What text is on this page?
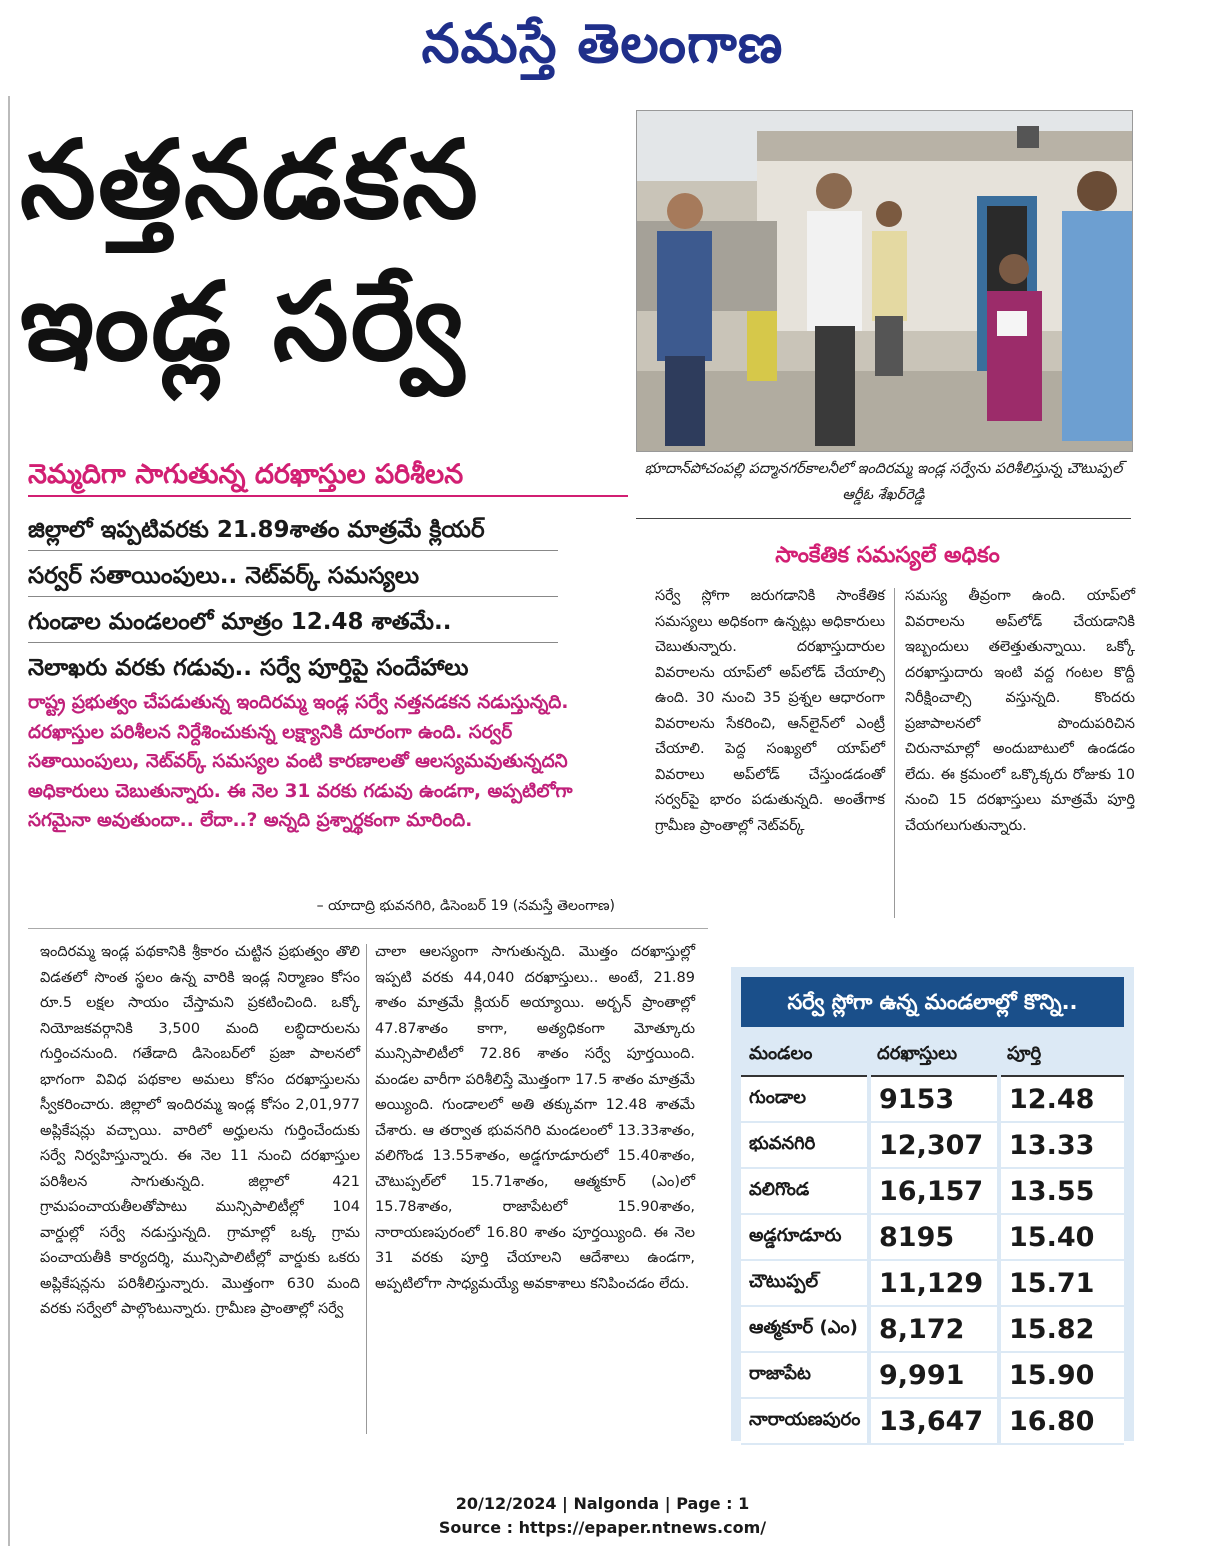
నమస్తే తెలంగాణ
నత్తనడకన
ఇండ్ల సర్వే
భూదాన్‌పోచంపల్లి పద్మానగర్‌కాలనీలో ఇందిరమ్మ ఇండ్ల సర్వేను పరిశీలిస్తున్న చౌటుప్పల్ ఆర్డీఓ శేఖర్‌రెడ్డి
నెమ్మదిగా సాగుతున్న దరఖాస్తుల పరిశీలన
జిల్లాలో ఇప్పటివరకు 21.89శాతం మాత్రమే క్లియర్
సర్వర్ సతాయింపులు.. నెట్‌వర్క్ సమస్యలు
గుండాల మండలంలో మాత్రం 12.48 శాతమే..
నెలాఖరు వరకు గడువు.. సర్వే పూర్తిపై సందేహాలు
రాష్ట్ర ప్రభుత్వం చేపడుతున్న ఇందిరమ్మ ఇండ్ల సర్వే నత్తనడకన నడుస్తున్నది. దరఖాస్తుల పరిశీలన నిర్దేశించుకున్న లక్ష్యానికి దూరంగా ఉంది. సర్వర్ సతాయింపులు, నెట్‌వర్క్ సమస్యల వంటి కారణాలతో ఆలస్యమవుతున్నదని అధికారులు చెబుతున్నారు. ఈ నెల 31 వరకు గడువు ఉండగా, అప్పటిలోగా సగమైనా అవుతుందా.. లేదా..? అన్నది ప్రశ్నార్థకంగా మారింది.
– యాదాద్రి భువనగిరి, డిసెంబర్ 19 (నమస్తే తెలంగాణ)
సాంకేతిక సమస్యలే అధికం
సర్వే స్లోగా జరుగడానికి సాంకేతిక సమస్యలు అధికంగా ఉన్నట్లు అధికారులు చెబుతున్నారు. దరఖాస్తుదారుల వివరాలను యాప్‌లో అప్‌లోడ్ చేయాల్సి ఉంది. 30 నుంచి 35 ప్రశ్నల ఆధారంగా వివరాలను సేకరించి, ఆన్‌లైన్‌లో ఎంట్రీ చేయాలి. పెద్ద సంఖ్యలో యాప్‌లో వివరాలు అప్‌లోడ్ చేస్తుండడంతో సర్వర్‌పై భారం పడుతున్నది. అంతేగాక గ్రామీణ ప్రాంతాల్లో నెట్‌వర్క్
సమస్య తీవ్రంగా ఉంది. యాప్‌లో వివరాలను అప్‌లోడ్ చేయడానికి ఇబ్బందులు తలెత్తుతున్నాయి. ఒక్కో దరఖాస్తుదారు ఇంటి వద్ద గంటల కొద్దీ నిరీక్షించాల్సి వస్తున్నది. కొందరు ప్రజాపాలనలో పొందుపరిచిన చిరునామాల్లో అందుబాటులో ఉండడం లేదు. ఈ క్రమంలో ఒక్కొక్కరు రోజుకు 10 నుంచి 15 దరఖాస్తులు మాత్రమే పూర్తి చేయగలుగుతున్నారు.
ఇందిరమ్మ ఇండ్ల పథకానికి శ్రీకారం చుట్టిన ప్రభుత్వం తొలి విడతలో సొంత స్థలం ఉన్న వారికి ఇండ్ల నిర్మాణం కోసం రూ.5 లక్షల సాయం చేస్తామని ప్రకటించింది. ఒక్కో నియోజకవర్గానికి 3,500 మంది లబ్ధిదారులను గుర్తించనుంది. గతేడాది డిసెంబర్‌లో ప్రజా పాలనలో భాగంగా వివిధ పథకాల అమలు కోసం దరఖాస్తులను స్వీకరించారు. జిల్లాలో ఇందిరమ్మ ఇండ్ల కోసం 2,01,977 అప్లికేషన్లు వచ్చాయి. వారిలో అర్హులను గుర్తించేందుకు సర్వే నిర్వహిస్తున్నారు. ఈ నెల 11 నుంచి దరఖాస్తుల పరిశీలన సాగుతున్నది. జిల్లాలో 421 గ్రామపంచాయతీలతోపాటు మున్సిపాలిటీల్లో 104 వార్డుల్లో సర్వే నడుస్తున్నది. గ్రామాల్లో ఒక్క గ్రామ పంచాయతీకి కార్యదర్శి, మున్సిపాలిటీల్లో వార్డుకు ఒకరు అప్లికేషన్లను పరిశీలిస్తున్నారు. మొత్తంగా 630 మంది వరకు సర్వేలో పాల్గొంటున్నారు. గ్రామీణ ప్రాంతాల్లో సర్వే
చాలా ఆలస్యంగా సాగుతున్నది. మొత్తం దరఖాస్తుల్లో ఇప్పటి వరకు 44,040 దరఖాస్తులు.. అంటే, 21.89 శాతం మాత్రమే క్లియర్ అయ్యాయి. అర్బన్ ప్రాంతాల్లో 47.87శాతం కాగా, అత్యధికంగా మోత్కూరు మున్సిపాలిటీలో 72.86 శాతం సర్వే పూర్తయింది. మండల వారీగా పరిశీలిస్తే మొత్తంగా 17.5 శాతం మాత్రమే అయ్యింది. గుండాలలో అతి తక్కువగా 12.48 శాతమే చేశారు. ఆ తర్వాత భువనగిరి మండలంలో 13.33శాతం, వలిగొండ 13.55శాతం, అడ్డగూడూరులో 15.40శాతం, చౌటుప్పల్‌లో 15.71శాతం, ఆత్మకూర్ (ఎం)లో 15.78శాతం, రాజాపేటలో 15.90శాతం, నారాయణపురంలో 16.80 శాతం పూర్తయ్యింది. ఈ నెల 31 వరకు పూర్తి చేయాలని ఆదేశాలు ఉండగా, అప్పటిలోగా సాధ్యమయ్యే అవకాశాలు కనిపించడం లేదు.
సర్వే స్లోగా ఉన్న మండలాల్లో కొన్ని..
మండలం	దరఖాస్తులు	పూర్తి
గుండాల	9153	12.48
భువనగిరి	12,307	13.33
వలిగొండ	16,157	13.55
అడ్డగూడూరు	8195	15.40
చౌటుప్పల్	11,129	15.71
ఆత్మకూర్ (ఎం)	8,172	15.82
రాజాపేట	9,991	15.90
నారాయణపురం	13,647	16.80
20/12/2024 | Nalgonda | Page : 1
Source : https://epaper.ntnews.com/
